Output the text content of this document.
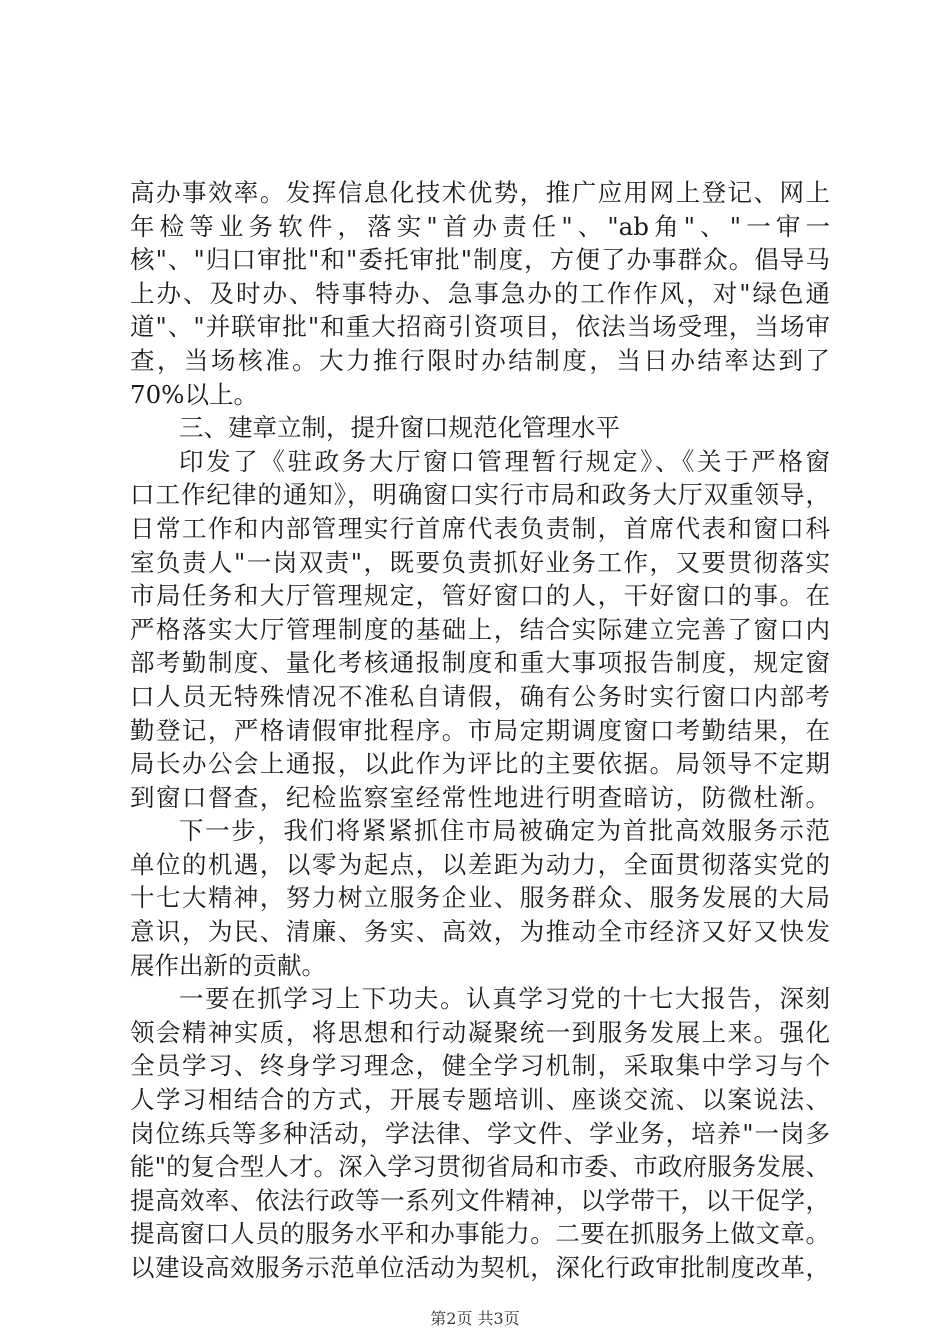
高办事效率。发挥信息化技术优势，推广应用网上登记、网上
年检等业务软件，落实"首办责任"、"ab角"、"一审一
核"、"归口审批"和"委托审批"制度，方便了办事群众。倡导马
上办、及时办、特事特办、急事急办的工作作风，对"绿色通
道"、"并联审批"和重大招商引资项目，依法当场受理，当场审
查，当场核准。大力推行限时办结制度，当日办结率达到了
70%以上。
三、建章立制，提升窗口规范化管理水平
印发了《驻政务大厅窗口管理暂行规定》、《关于严格窗
口工作纪律的通知》，明确窗口实行市局和政务大厅双重领导，
日常工作和内部管理实行首席代表负责制，首席代表和窗口科
室负责人"一岗双责"，既要负责抓好业务工作，又要贯彻落实
市局任务和大厅管理规定，管好窗口的人，干好窗口的事。在
严格落实大厅管理制度的基础上，结合实际建立完善了窗口内
部考勤制度、量化考核通报制度和重大事项报告制度，规定窗
口人员无特殊情况不准私自请假，确有公务时实行窗口内部考
勤登记，严格请假审批程序。市局定期调度窗口考勤结果，在
局长办公会上通报，以此作为评比的主要依据。局领导不定期
到窗口督查，纪检监察室经常性地进行明查暗访，防微杜渐。
下一步，我们将紧紧抓住市局被确定为首批高效服务示范
单位的机遇，以零为起点，以差距为动力，全面贯彻落实党的
十七大精神，努力树立服务企业、服务群众、服务发展的大局
意识，为民、清廉、务实、高效，为推动全市经济又好又快发
展作出新的贡献。
一要在抓学习上下功夫。认真学习党的十七大报告，深刻
领会精神实质，将思想和行动凝聚统一到服务发展上来。强化
全员学习、终身学习理念，健全学习机制，采取集中学习与个
人学习相结合的方式，开展专题培训、座谈交流、以案说法、
岗位练兵等多种活动，学法律、学文件、学业务，培养"一岗多
能"的复合型人才。深入学习贯彻省局和市委、市政府服务发展、
提高效率、依法行政等一系列文件精神，以学带干，以干促学，
提高窗口人员的服务水平和办事能力。二要在抓服务上做文章。
以建设高效服务示范单位活动为契机，深化行政审批制度改革，
第2页 共3页
